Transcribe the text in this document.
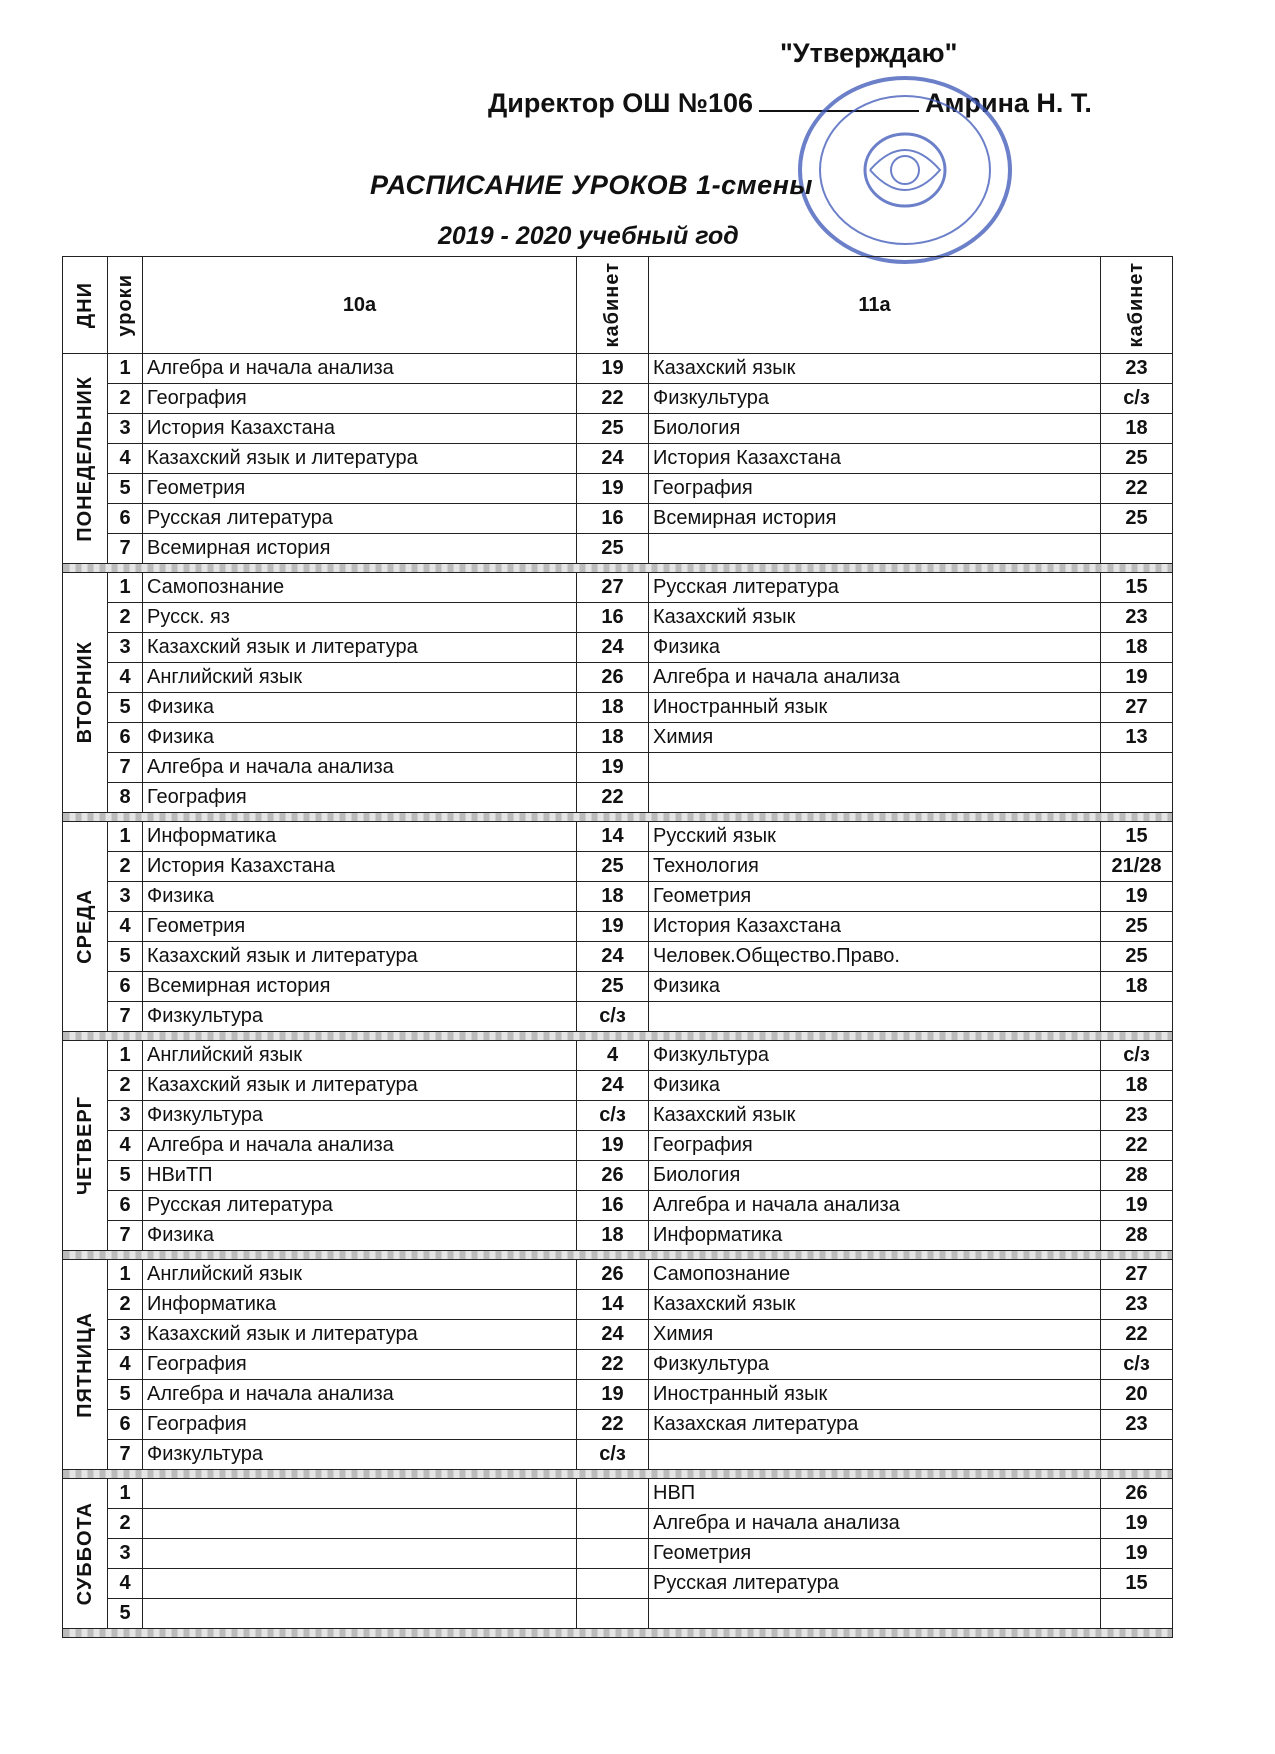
"Утверждаю"
Директор ОШ №106	Амрина Н. Т.
РАСПИСАНИЕ УРОКОВ 1-смены
2019 - 2020 учебный год
ДНИ	уроки	10а	кабинет	11а	кабинет

ПОНЕДЕЛЬНИК	1	Алгебра и начала анализа	19	Казахский язык	23
	2	География	22	Физкультура	с/з
	3	История Казахстана	25	Биология	18
	4	Казахский язык и литература	24	История Казахстана	25
	5	Геометрия	19	География	22
	6	Русская литература	16	Всемирная история	25
	7	Всемирная история	25		

ВТОРНИК	1	Самопознание	27	Русская литература	15
	2	Русск. яз	16	Казахский язык	23
	3	Казахский язык и литература	24	Физика	18
	4	Английский язык	26	Алгебра и начала анализа	19
	5	Физика	18	Иностранный язык	27
	6	Физика	18	Химия	13
	7	Алгебра и начала анализа	19		
	8	География	22		

СРЕДА	1	Информатика	14	Русский язык	15
	2	История Казахстана	25	Технология	21/28
	3	Физика	18	Геометрия	19
	4	Геометрия	19	История Казахстана	25
	5	Казахский язык и литература	24	Человек.Общество.Право.	25
	6	Всемирная история	25	Физика	18
	7	Физкультура	с/з		

ЧЕТВЕРГ	1	Английский язык	4	Физкультура	с/з
	2	Казахский язык и литература	24	Физика	18
	3	Физкультура	с/з	Казахский язык	23
	4	Алгебра и начала анализа	19	География	22
	5	НВиТП	26	Биология	28
	6	Русская литература	16	Алгебра и начала анализа	19
	7	Физика	18	Информатика	28

ПЯТНИЦА	1	Английский язык	26	Самопознание	27
	2	Информатика	14	Казахский язык	23
	3	Казахский язык и литература	24	Химия	22
	4	География	22	Физкультура	с/з
	5	Алгебра и начала анализа	19	Иностранный язык	20
	6	География	22	Казахская литература	23
	7	Физкультура	с/з		

СУББОТА	1			НВП	26
	2			Алгебра и начала анализа	19
	3			Геометрия	19
	4			Русская литература	15
	5				
